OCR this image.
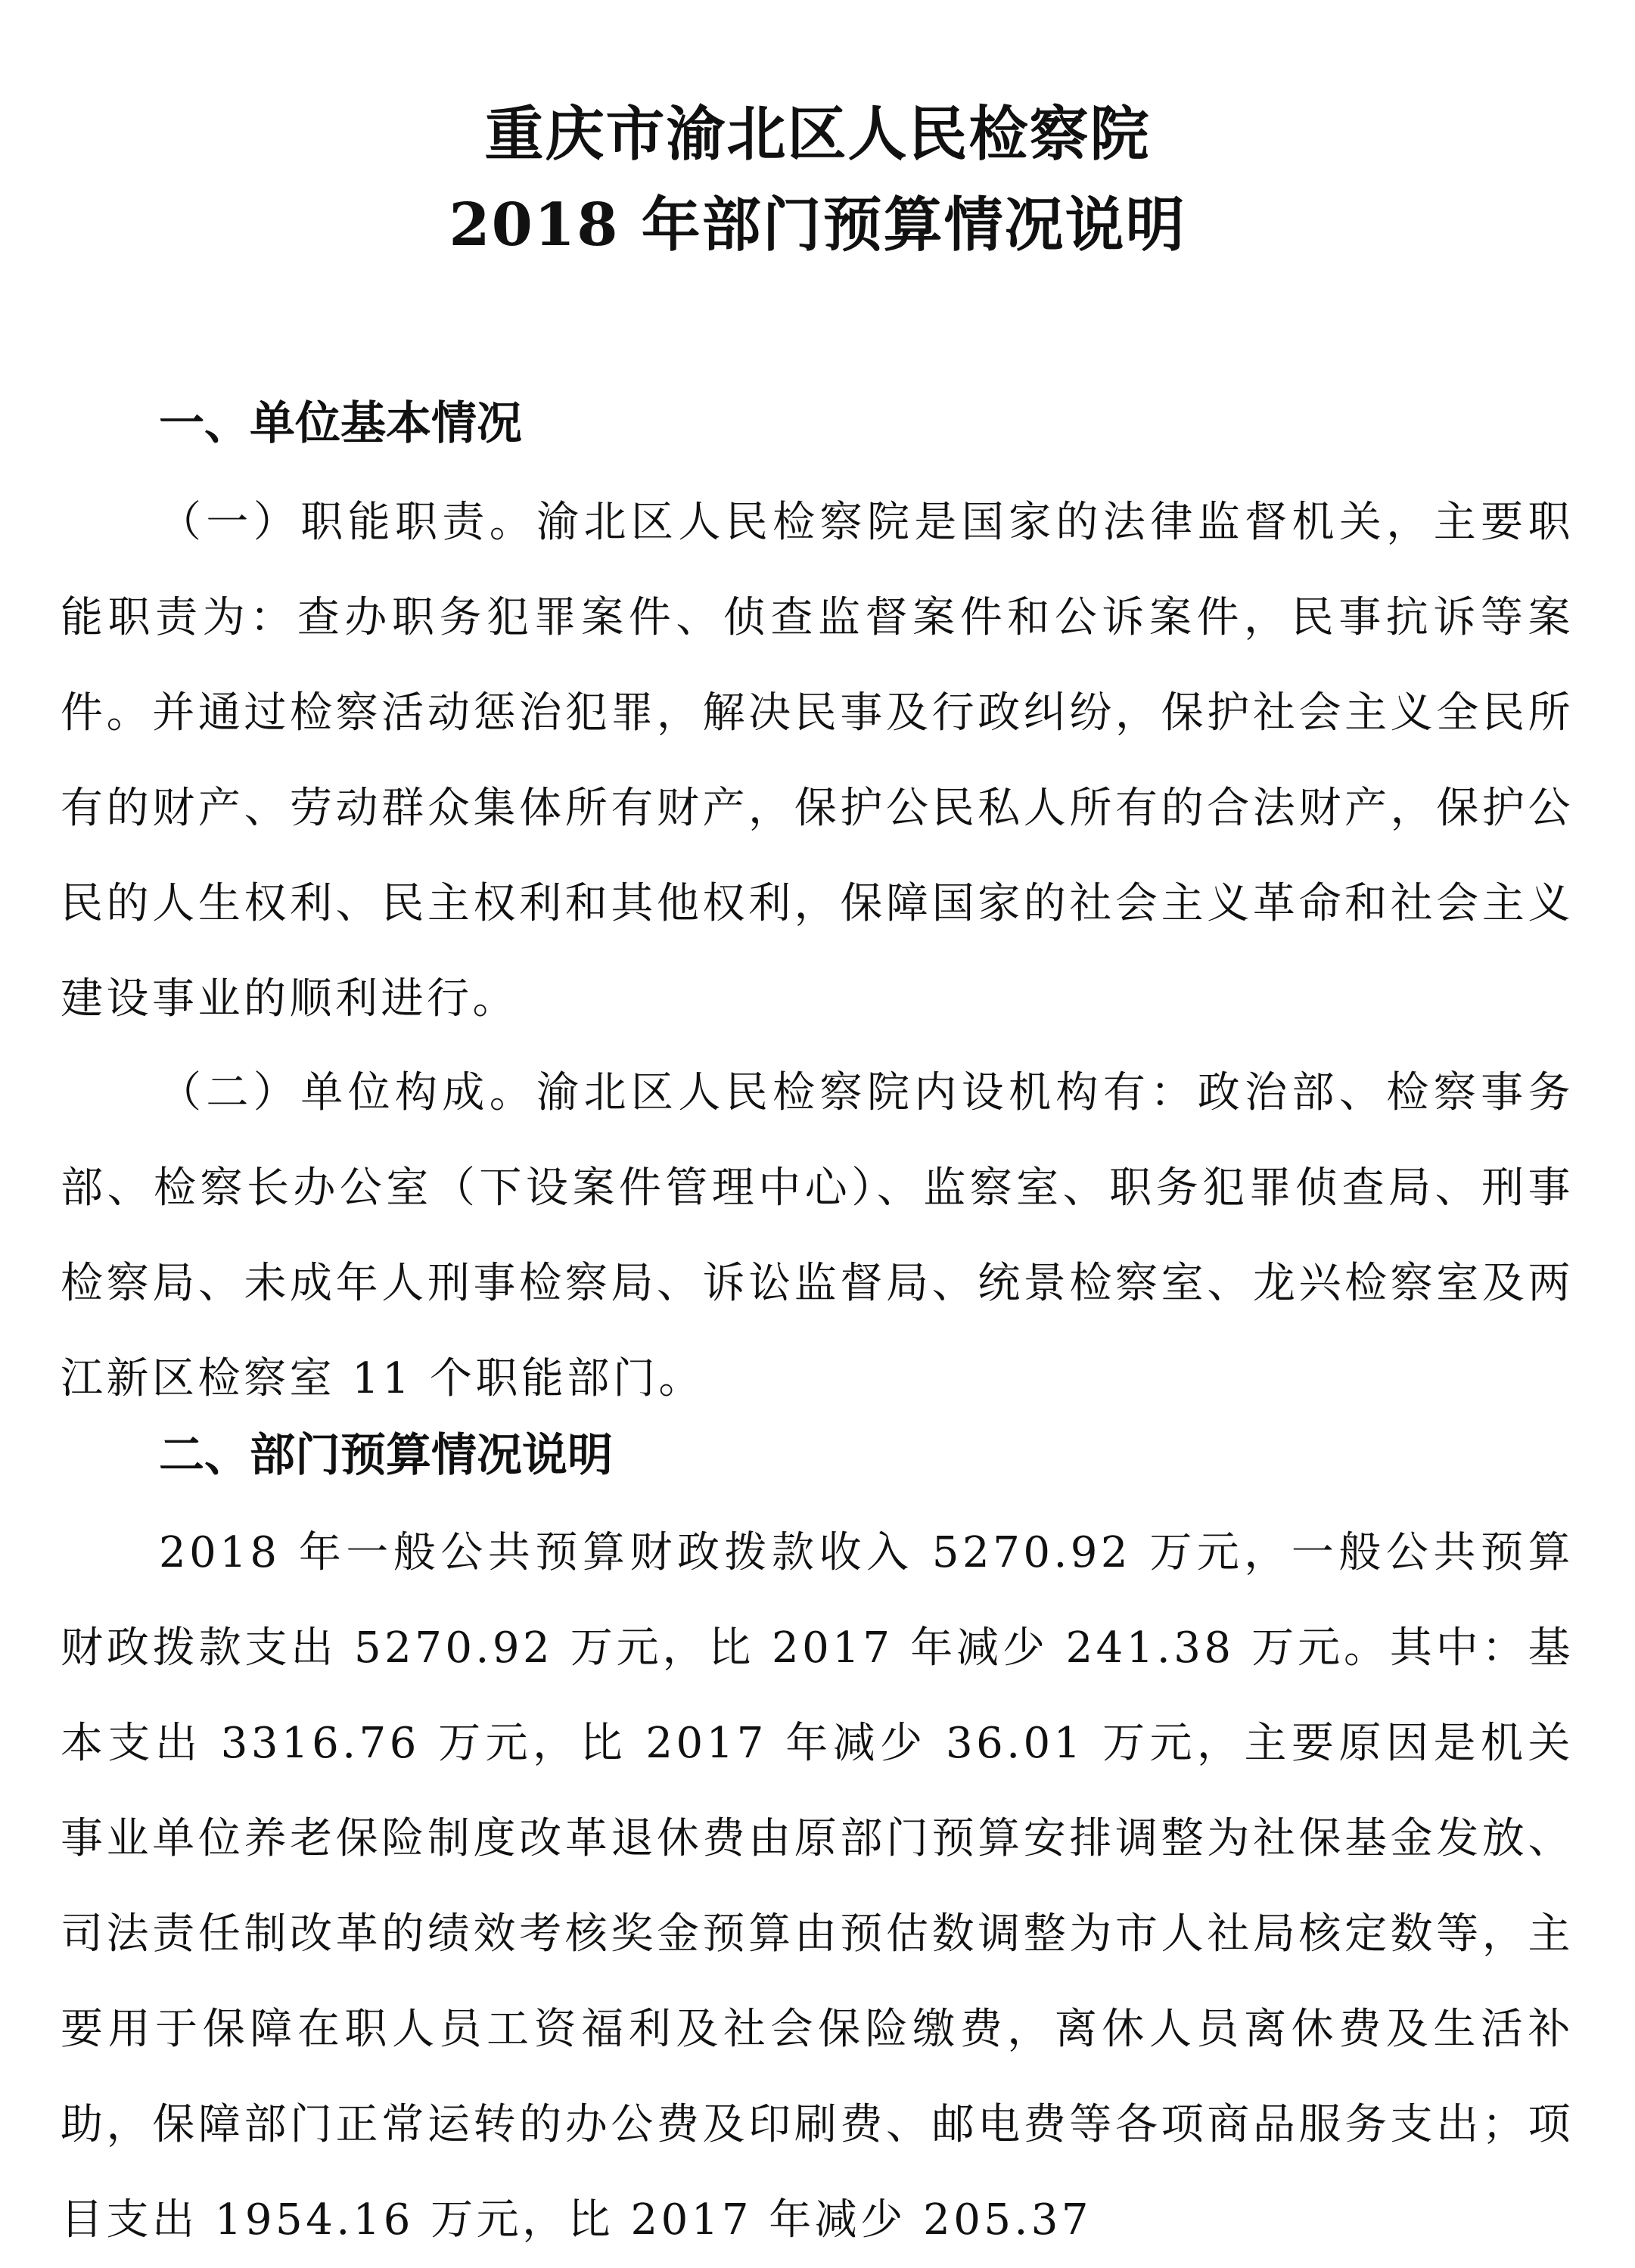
重庆市渝北区人民检察院
2018 年部门预算情况说明
一、单位基本情况

（一）职能职责。渝北区人民检察院是国家的法律监督机关，主要职能职责为：查办职务犯罪案件、侦查监督案件和公诉案件，民事抗诉等案件。并通过检察活动惩治犯罪，解决民事及行政纠纷，保护社会主义全民所有的财产、劳动群众集体所有财产，保护公民私人所有的合法财产，保护公民的人生权利、民主权利和其他权利，保障国家的社会主义革命和社会主义建设事业的顺利进行。

（二）单位构成。渝北区人民检察院内设机构有：政治部、检察事务部、检察长办公室（下设案件管理中心）、监察室、职务犯罪侦查局、刑事检察局、未成年人刑事检察局、诉讼监督局、统景检察室、龙兴检察室及两江新区检察室 11 个职能部门。

二、部门预算情况说明

2018 年一般公共预算财政拨款收入 5270.92 万元，一般公共预算财政拨款支出 5270.92 万元，比 2017 年减少 241.38 万元。其中：基本支出 3316.76 万元，比 2017 年减少 36.01 万元，主要原因是机关事业单位养老保险制度改革退休费由原部门预算安排调整为社保基金发放、司法责任制改革的绩效考核奖金预算由预估数调整为市人社局核定数等，主要用于保障在职人员工资福利及社会保险缴费，离休人员离休费及生活补助，保障部门正常运转的办公费及印刷费、邮电费等各项商品服务支出；项目支出 1954.16 万元，比 2017 年减少 205.37
